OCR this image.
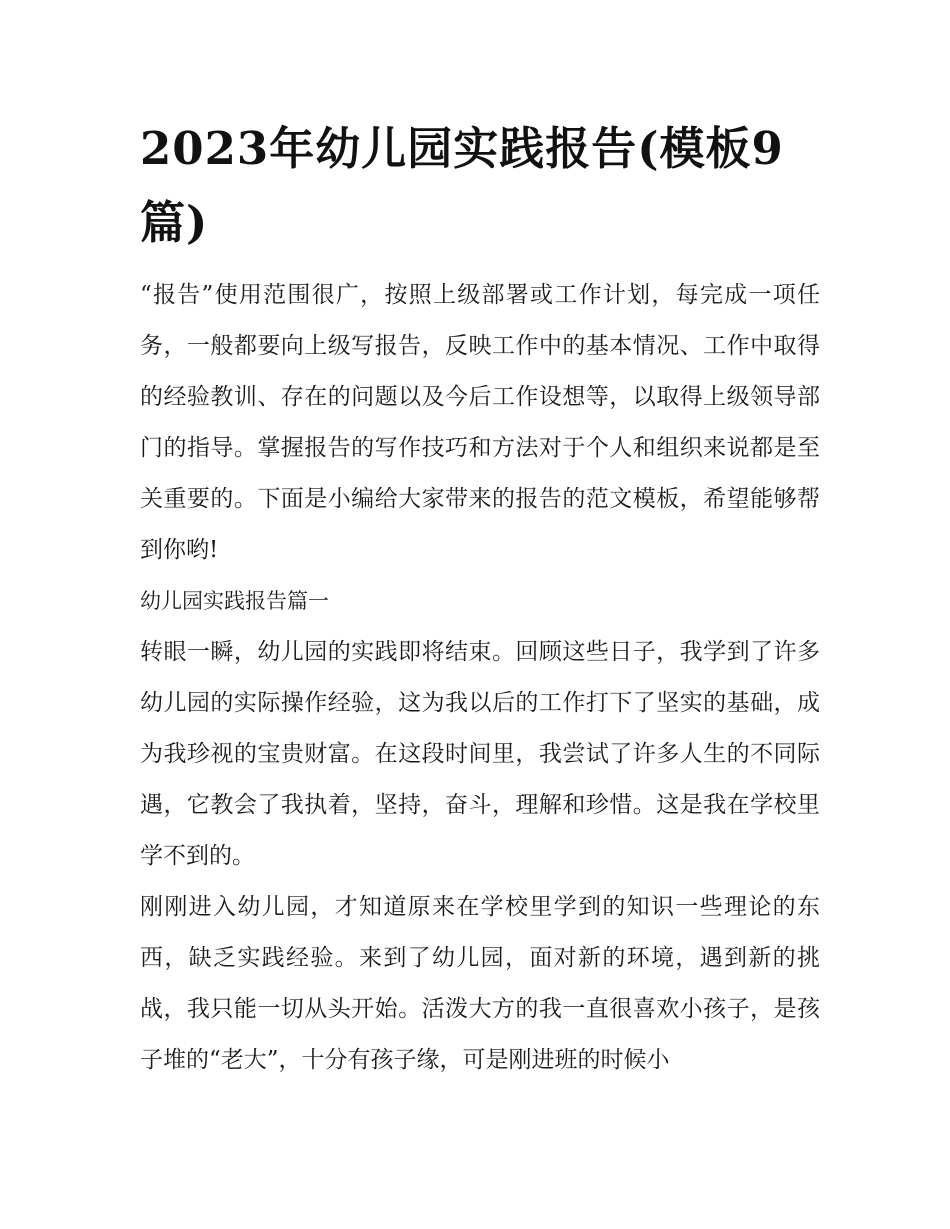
2023年幼儿园实践报告(模板9篇)

“报告”使用范围很广，按照上级部署或工作计划，每完成一项任务，一般都要向上级写报告，反映工作中的基本情况、工作中取得的经验教训、存在的问题以及今后工作设想等，以取得上级领导部门的指导。掌握报告的写作技巧和方法对于个人和组织来说都是至关重要的。下面是小编给大家带来的报告的范文模板，希望能够帮到你哟!

幼儿园实践报告篇一

转眼一瞬，幼儿园的实践即将结束。回顾这些日子，我学到了许多幼儿园的实际操作经验，这为我以后的工作打下了坚实的基础，成为我珍视的宝贵财富。在这段时间里，我尝试了许多人生的不同际遇，它教会了我执着，坚持，奋斗，理解和珍惜。这是我在学校里学不到的。

刚刚进入幼儿园，才知道原来在学校里学到的知识一些理论的东西，缺乏实践经验。来到了幼儿园，面对新的环境，遇到新的挑战，我只能一切从头开始。活泼大方的我一直很喜欢小孩子，是孩子堆的“老大”，十分有孩子缘，可是刚进班的时候小
